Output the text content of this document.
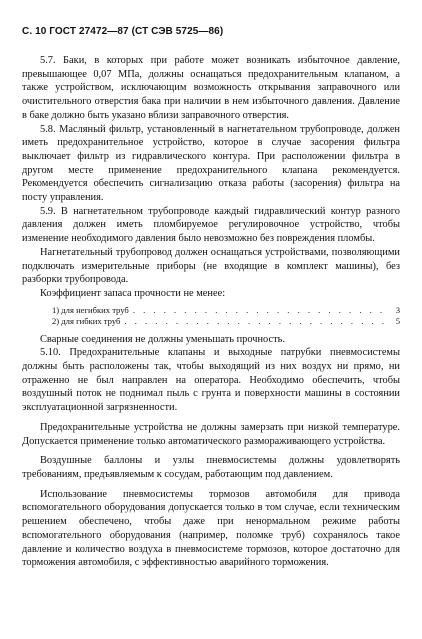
С. 10 ГОСТ 27472—87 (СТ СЭВ 5725—86)

5.7. Баки, в которых при работе может возникать избыточное давление, превышающее 0,07 МПа, должны оснащаться предохранительным клапаном, а также устройством, исключающим возможность открывания заправочного или очистительного отверстия бака при наличии в нем избыточного давления. Давление в баке должно быть указано вблизи заправочного отверстия.

5.8. Масляный фильтр, установленный в нагнетательном трубопроводе, должен иметь предохранительное устройство, которое в случае засорения фильтра выключает фильтр из гидравлического контура. При расположении фильтра в другом месте применение предохранительного клапана рекомендуется. Рекомендуется обеспечить сигнализацию отказа работы (засорения) фильтра на посту управления.

5.9. В нагнетательном трубопроводе каждый гидравлический контур разного давления должен иметь пломбируемое регулировочное устройство, чтобы изменение необходимого давления было невозможно без повреждения пломбы.

Нагнетательный трубопровод должен оснащаться устройствами, позволяющими подключать измерительные приборы (не входящие в комплект машины), без разборки трубопровода.

Коэффициент запаса прочности не менее:

1) для негибких труб . . .	3
2) для гибких труб . . .	5

Сварные соединения не должны уменьшать прочность.

5.10. Предохранительные клапаны и выходные патрубки пневмосистемы должны быть расположены так, чтобы выходящий из них воздух ни прямо, ни отраженно не был направлен на оператора. Необходимо обеспечить, чтобы воздушный поток не поднимал пыль с грунта и поверхности машины в состоянии эксплуатационной загрязненности.

Предохранительные устройства не должны замерзать при низкой температуре. Допускается применение только автоматического размораживающего устройства.

Воздушные баллоны и узлы пневмосистемы должны удовлетворять требованиям, предъявляемым к сосудам, работающим под давлением.

Использование пневмосистемы тормозов автомобиля для привода вспомогательного оборудования допускается только в том случае, если техническим решением обеспечено, чтобы даже при ненормальном режиме работы вспомогательного оборудования (например, поломке труб) сохранялось такое давление и количество воздуха в пневмосистеме тормозов, которое достаточно для торможения автомобиля, с эффективностью аварийного торможения.
